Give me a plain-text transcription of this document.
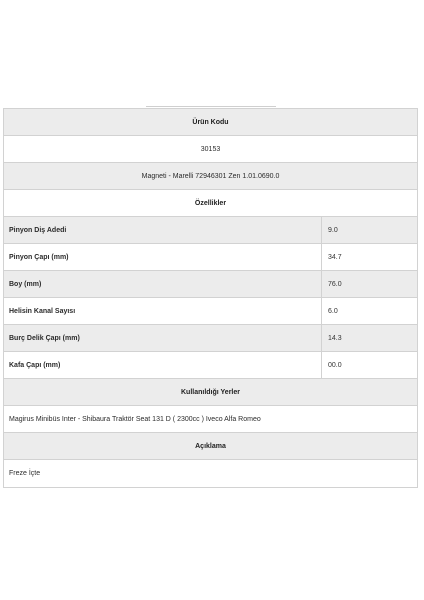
Ürün Kodu
30153
Magneti - Marelli 72946301 Zen 1.01.0690.0
Özellikler
Pinyon Diş Adedi	9.0
Pinyon Çapı (mm)	34.7
Boy (mm)	76.0
Helisin Kanal Sayısı	6.0
Burç Delik Çapı (mm)	14.3
Kafa Çapı (mm)	00.0
Kullanıldığı Yerler
Magirus Minibüs Inter - Shibaura Traktör Seat 131 D ( 2300cc ) Iveco Alfa Romeo
Açıklama
Freze İçte
